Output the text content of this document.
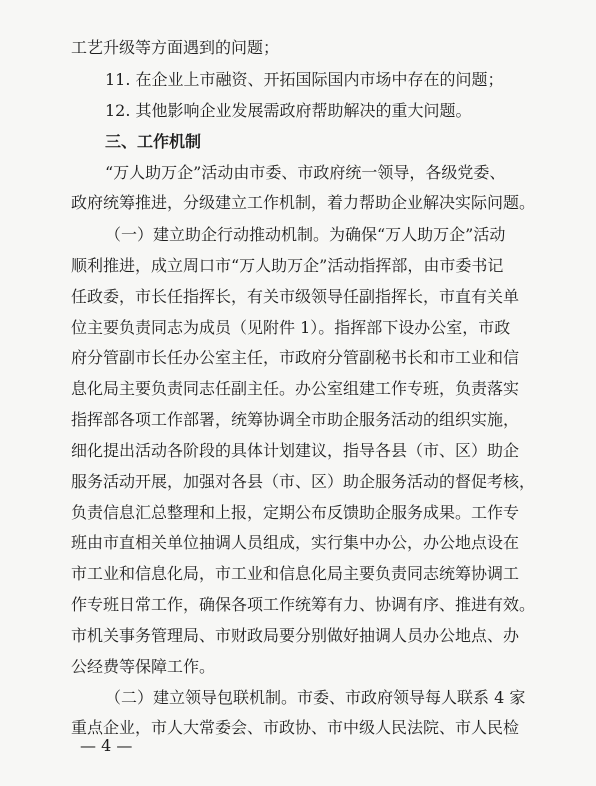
工艺升级等方面遇到的问题；
11. 在企业上市融资、开拓国际国内市场中存在的问题；
12. 其他影响企业发展需政府帮助解决的重大问题。
三、工作机制
“万人助万企”活动由市委、市政府统一领导，各级党委、
政府统筹推进，分级建立工作机制，着力帮助企业解决实际问题。
（一）建立助企行动推动机制。为确保“万人助万企”活动
顺利推进，成立周口市“万人助万企”活动指挥部，由市委书记
任政委，市长任指挥长，有关市级领导任副指挥长，市直有关单
位主要负责同志为成员（见附件 1）。指挥部下设办公室，市政
府分管副市长任办公室主任，市政府分管副秘书长和市工业和信
息化局主要负责同志任副主任。办公室组建工作专班，负责落实
指挥部各项工作部署，统筹协调全市助企服务活动的组织实施，
细化提出活动各阶段的具体计划建议，指导各县（市、区）助企
服务活动开展，加强对各县（市、区）助企服务活动的督促考核，
负责信息汇总整理和上报，定期公布反馈助企服务成果。工作专
班由市直相关单位抽调人员组成，实行集中办公，办公地点设在
市工业和信息化局，市工业和信息化局主要负责同志统筹协调工
作专班日常工作，确保各项工作统筹有力、协调有序、推进有效。
市机关事务管理局、市财政局要分别做好抽调人员办公地点、办
公经费等保障工作。
（二）建立领导包联机制。市委、市政府领导每人联系 4 家
重点企业，市人大常委会、市政协、市中级人民法院、市人民检
— 4 —
